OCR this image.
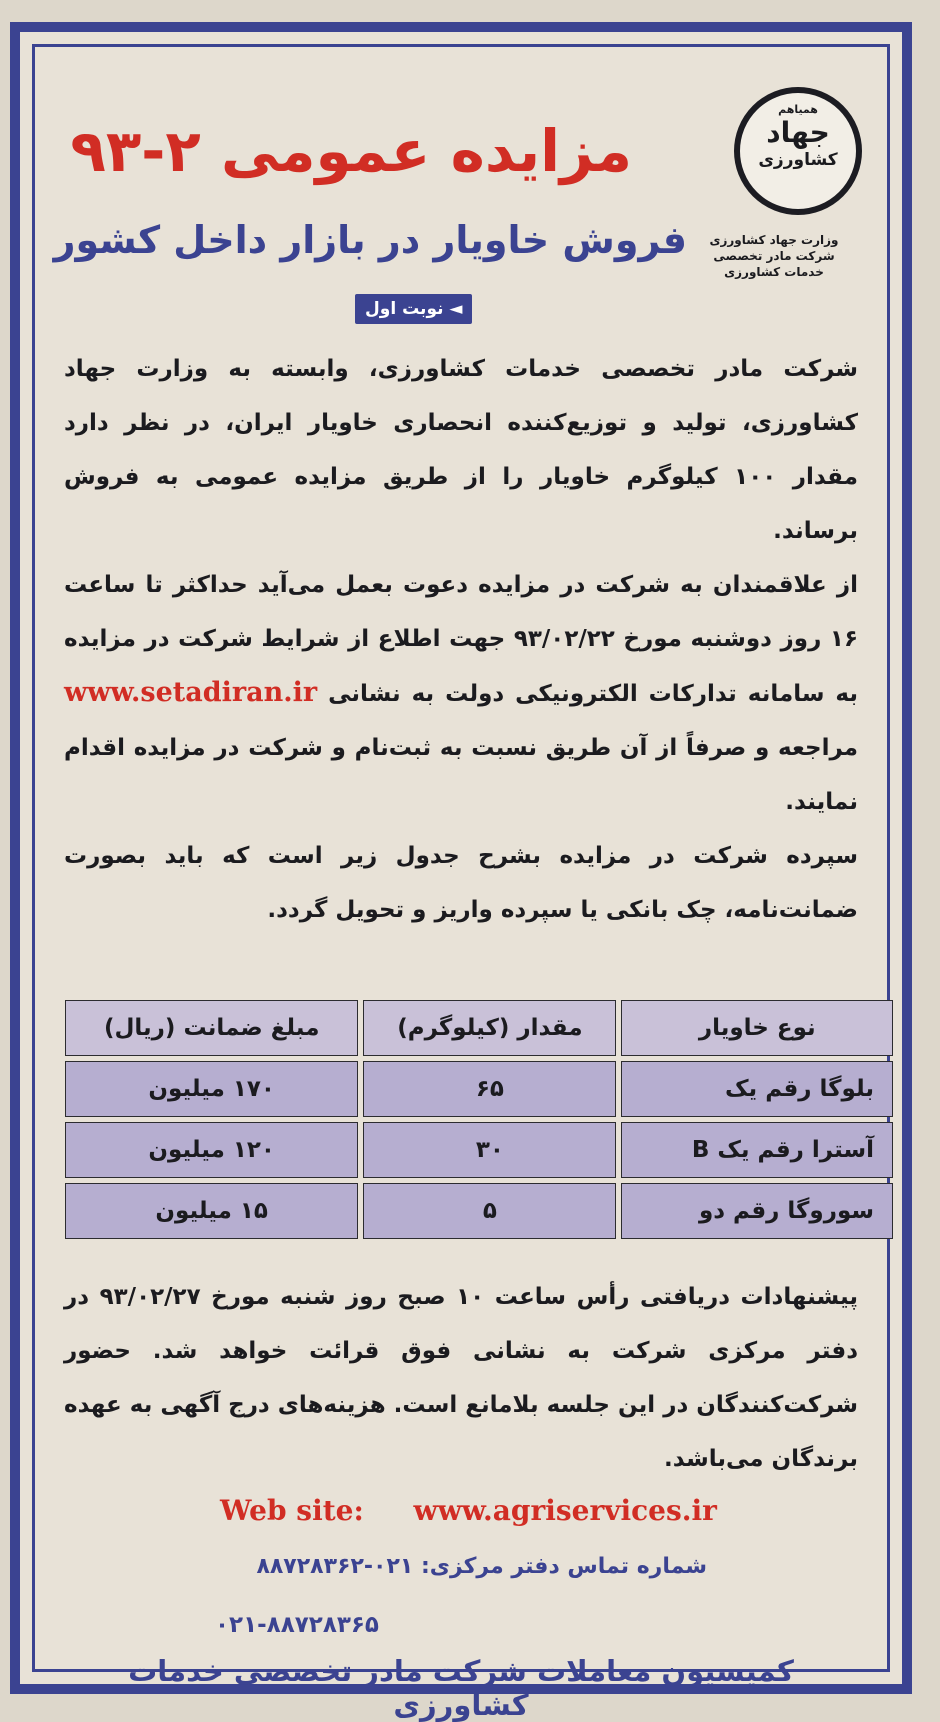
همیاهم
جهاد
کشاورزی
وزارت جهاد کشاورزی
شرکت مادر تخصصی
خدمات کشاورزی
مزایده عمومی ۲-۹۳
فروش خاویار در بازار داخل کشور
◄ نوبت اول

شرکت مادر تخصصی خدمات کشاورزی، وابسته به وزارت جهاد کشاورزی، تولید و توزیع‌کننده انحصاری خاویار ایران، در نظر دارد مقدار ۱۰۰ کیلوگرم خاویار را از طریق مزایده عمومی به فروش برساند.

از علاقمندان به شرکت در مزایده دعوت بعمل می‌آید حداکثر تا ساعت ۱۶ روز دوشنبه مورخ ۹۳/۰۲/۲۲ جهت اطلاع از شرایط شرکت در مزایده به سامانه تدارکات الکترونیکی دولت به نشانی www.setadiran.ir مراجعه و صرفاً از آن طریق نسبت به ثبت‌نام و شرکت در مزایده اقدام نمایند.

سپرده شرکت در مزایده بشرح جدول زیر است که باید بصورت ضمانت‌نامه، چک بانکی یا سپرده واریز و تحویل گردد.

نوع خاویار	مقدار (کیلوگرم)	مبلغ ضمانت (ریال)
بلوگا رقم یک	۶۵	۱۷۰ میلیون
آسترا رقم یک B	۳۰	۱۲۰ میلیون
سوروگا رقم دو	۵	۱۵ میلیون

پیشنهادات دریافتی رأس ساعت ۱۰ صبح روز شنبه مورخ ۹۳/۰۲/۲۷ در دفتر مرکزی شرکت به نشانی فوق قرائت خواهد شد. حضور شرکت‌کنندگان در این جلسه بلامانع است. هزینه‌های درج آگهی به عهده برندگان می‌باشد.

Web site: www.agriservices.ir
شماره تماس دفتر مرکزی: ۰۲۱-۸۸۷۲۸۳۶۲
۰۲۱-۸۸۷۲۸۳۶۵
کمیسیون معاملات شرکت مادر تخصصی خدمات کشاورزی
